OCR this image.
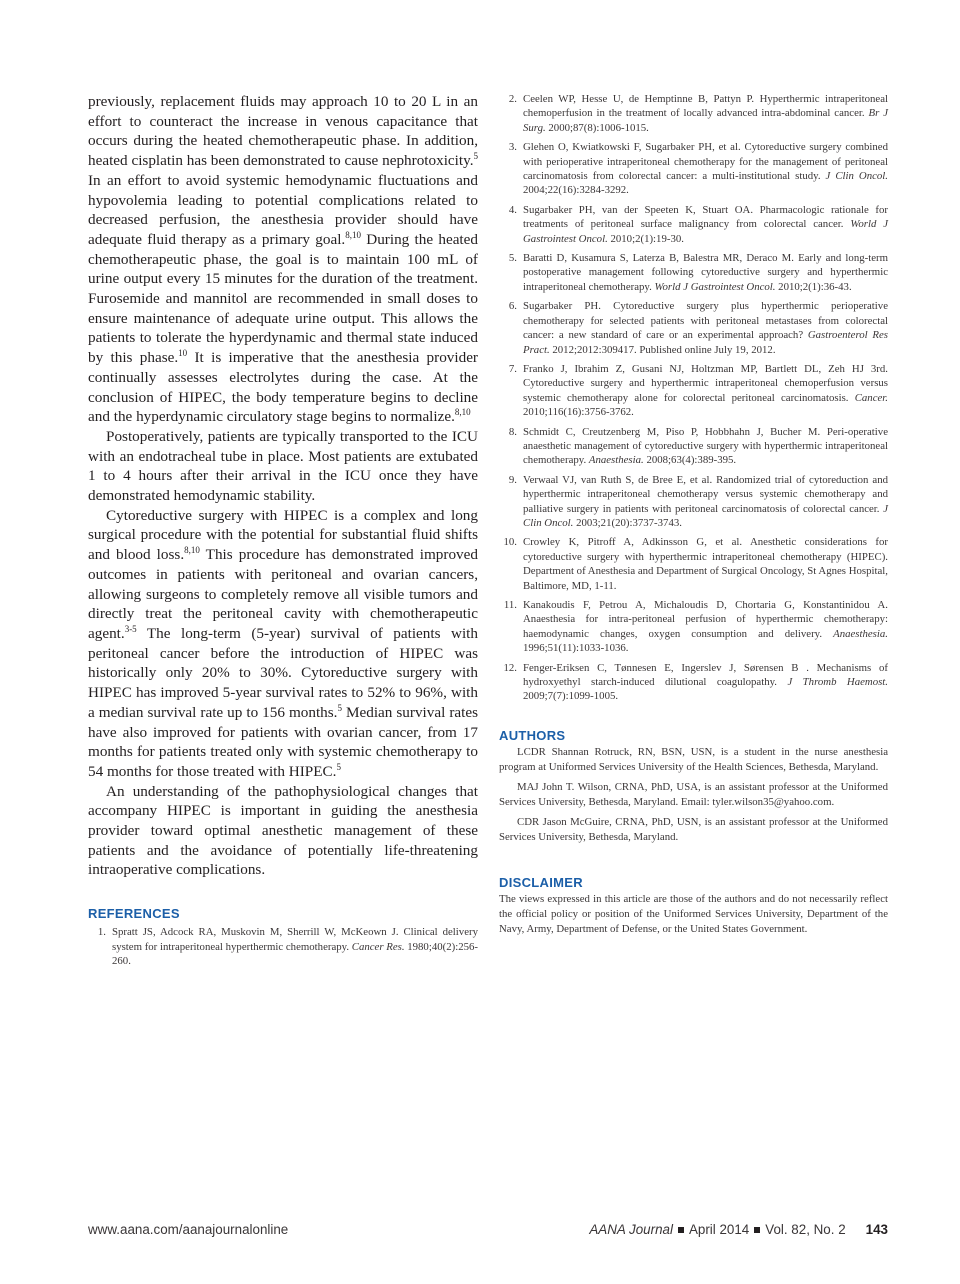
previously, replacement fluids may approach 10 to 20 L in an effort to counteract the increase in venous capacitance that occurs during the heated chemotherapeutic phase. In addition, heated cisplatin has been demonstrated to cause nephrotoxicity.$^5$ In an effort to avoid systemic hemodynamic fluctuations and hypovolemia leading to potential complications related to decreased perfusion, the anesthesia provider should have adequate fluid therapy as a primary goal.$^{8,10}$ During the heated chemotherapeutic phase, the goal is to maintain 100 mL of urine output every 15 minutes for the duration of the treatment. Furosemide and mannitol are recommended in small doses to ensure maintenance of adequate urine output. This allows the patients to tolerate the hyperdynamic and thermal state induced by this phase.$^{10}$ It is imperative that the anesthesia provider continually assesses electrolytes during the case. At the conclusion of HIPEC, the body temperature begins to decline and the hyperdynamic circulatory stage begins to normalize.$^{8,10}$

Postoperatively, patients are typically transported to the ICU with an endotracheal tube in place. Most patients are extubated 1 to 4 hours after their arrival in the ICU once they have demonstrated hemodynamic stability.

Cytoreductive surgery with HIPEC is a complex and long surgical procedure with the potential for substantial fluid shifts and blood loss.$^{8,10}$ This procedure has demonstrated improved outcomes in patients with peritoneal and ovarian cancers, allowing surgeons to completely remove all visible tumors and directly treat the peritoneal cavity with chemotherapeutic agent.$^{3-5}$ The long-term (5-year) survival of patients with peritoneal cancer before the introduction of HIPEC was historically only 20% to 30%. Cytoreductive surgery with HIPEC has improved 5-year survival rates to 52% to 96%, with a median survival rate up to 156 months.$^5$ Median survival rates have also improved for patients with ovarian cancer, from 17 months for patients treated only with systemic chemotherapy to 54 months for those treated with HIPEC.$^5$

An understanding of the pathophysiological changes that accompany HIPEC is important in guiding the anesthesia provider toward optimal anesthetic management of these patients and the avoidance of potentially life-threatening intraoperative complications.

REFERENCES
1. Spratt JS, Adcock RA, Muskovin M, Sherrill W, McKeown J. Clinical delivery system for intraperitoneal hyperthermic chemotherapy. Cancer Res. 1980;40(2):256-260.
2. Ceelen WP, Hesse U, de Hemptinne B, Pattyn P. Hyperthermic intraperitoneal chemoperfusion in the treatment of locally advanced intra-abdominal cancer. Br J Surg. 2000;87(8):1006-1015.
3. Glehen O, Kwiatkowski F, Sugarbaker PH, et al. Cytoreductive surgery combined with perioperative intraperitoneal chemotherapy for the management of peritoneal carcinomatosis from colorectal cancer: a multi-institutional study. J Clin Oncol. 2004;22(16):3284-3292.
4. Sugarbaker PH, van der Speeten K, Stuart OA. Pharmacologic rationale for treatments of peritoneal surface malignancy from colorectal cancer. World J Gastrointest Oncol. 2010;2(1):19-30.
5. Baratti D, Kusamura S, Laterza B, Balestra MR, Deraco M. Early and long-term postoperative management following cytoreductive surgery and hyperthermic intraperitoneal chemotherapy. World J Gastrointest Oncol. 2010;2(1):36-43.
6. Sugarbaker PH. Cytoreductive surgery plus hyperthermic perioperative chemotherapy for selected patients with peritoneal metastases from colorectal cancer: a new standard of care or an experimental approach? Gastroenterol Res Pract. 2012;2012:309417. Published online July 19, 2012.
7. Franko J, Ibrahim Z, Gusani NJ, Holtzman MP, Bartlett DL, Zeh HJ 3rd. Cytoreductive surgery and hyperthermic intraperitoneal chemoperfusion versus systemic chemotherapy alone for colorectal peritoneal carcinomatosis. Cancer. 2010;116(16):3756-3762.
8. Schmidt C, Creutzenberg M, Piso P, Hobbhahn J, Bucher M. Peri-operative anaesthetic management of cytoreductive surgery with hyperthermic intraperitoneal chemotherapy. Anaesthesia. 2008;63(4):389-395.
9. Verwaal VJ, van Ruth S, de Bree E, et al. Randomized trial of cytoreduction and hyperthermic intraperitoneal chemotherapy versus systemic chemotherapy and palliative surgery in patients with peritoneal carcinomatosis of colorectal cancer. J Clin Oncol. 2003;21(20):3737-3743.
10. Crowley K, Pitroff A, Adkinsson G, et al. Anesthetic considerations for cytoreductive surgery with hyperthermic intraperitoneal chemotherapy (HIPEC). Department of Anesthesia and Department of Surgical Oncology, St Agnes Hospital, Baltimore, MD, 1-11.
11. Kanakoudis F, Petrou A, Michaloudis D, Chortaria G, Konstantinidou A. Anaesthesia for intra-peritoneal perfusion of hyperthermic chemotherapy: haemodynamic changes, oxygen consumption and delivery. Anaesthesia. 1996;51(11):1033-1036.
12. Fenger-Eriksen C, Tønnesen E, Ingerslev J, Sørensen B . Mechanisms of hydroxyethyl starch-induced dilutional coagulopathy. J Thromb Haemost. 2009;7(7):1099-1005.
AUTHORS

LCDR Shannan Rotruck, RN, BSN, USN, is a student in the nurse anesthesia program at Uniformed Services University of the Health Sciences, Bethesda, Maryland.

MAJ John T. Wilson, CRNA, PhD, USA, is an assistant professor at the Uniformed Services University, Bethesda, Maryland. Email: tyler.wilson35@yahoo.com.

CDR Jason McGuire, CRNA, PhD, USN, is an assistant professor at the Uniformed Services University, Bethesda, Maryland.

DISCLAIMER

The views expressed in this article are those of the authors and do not necessarily reflect the official policy or position of the Uniformed Services University, Department of the Navy, Army, Department of Defense, or the United States Government.

www.aana.com/aanajournalonline	AANA Journal April 2014 Vol. 82, No. 2 143
